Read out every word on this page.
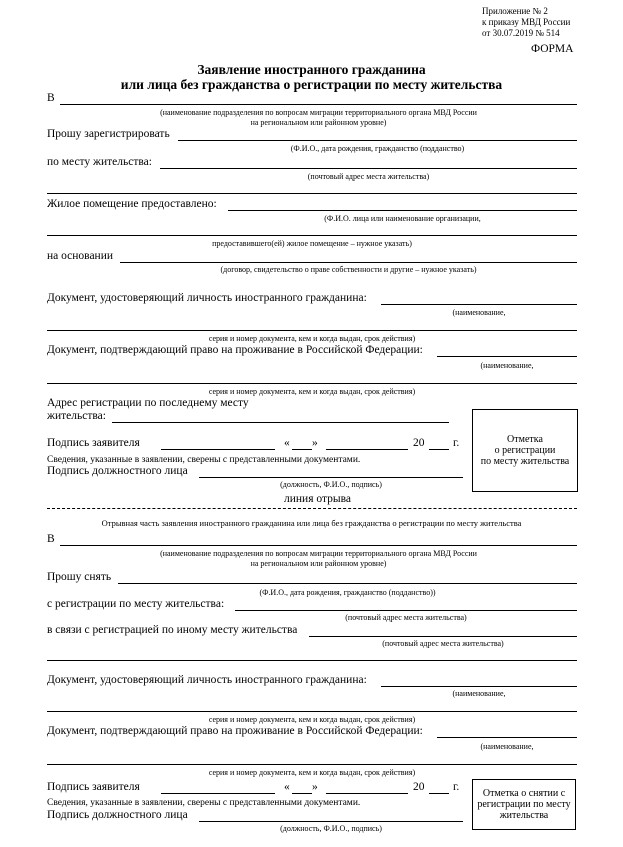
Приложение № 2
к приказу МВД России
от 30.07.2019 № 514
ФОРМА
Заявление иностранного гражданина
или лица без гражданства о регистрации по месту жительства
В
(наименование подразделения по вопросам миграции территориального органа МВД России
на региональном или районном уровне)
Прошу зарегистрировать
(Ф.И.О., дата рождения, гражданство (подданство)
по месту жительства:
(почтовый адрес места жительства)
Жилое помещение предоставлено:
(Ф.И.О. лица или наименование организации,
предоставившего(ей) жилое помещение – нужное указать)
на основании
(договор, свидетельство о праве собственности и другие – нужное указать)
Документ, удостоверяющий личность иностранного гражданина:
(наименование,
серия и номер документа, кем и когда выдан, срок действия)
Документ, подтверждающий право на проживание в Российской Федерации:
(наименование,
серия и номер документа, кем и когда выдан, срок действия)
Адрес регистрации по последнему месту
жительства:
Подпись заявителя	« »	20 г.
Сведения, указанные в заявлении, сверены с представленными документами.
Подпись должностного лица
(должность, Ф.И.О., подпись)
Отметка
о регистрации
по месту жительства
линия отрыва
Отрывная часть заявления иностранного гражданина или лица без гражданства о регистрации по месту жительства
В
(наименование подразделения по вопросам миграции территориального органа МВД России
на региональном или районном уровне)
Прошу снять
(Ф.И.О., дата рождения, гражданство (подданство))
с регистрации по месту жительства:
(почтовый адрес места жительства)
в связи с регистрацией по иному месту жительства
(почтовый адрес места жительства)
Документ, удостоверяющий личность иностранного гражданина:
(наименование,
серия и номер документа, кем и когда выдан, срок действия)
Документ, подтверждающий право на проживание в Российской Федерации:
(наименование,
серия и номер документа, кем и когда выдан, срок действия)
Подпись заявителя	« »	20 г.
Сведения, указанные в заявлении, сверены с представленными документами.
Подпись должностного лица
(должность, Ф.И.О., подпись)
Отметка о снятии с регистрации по месту жительства
